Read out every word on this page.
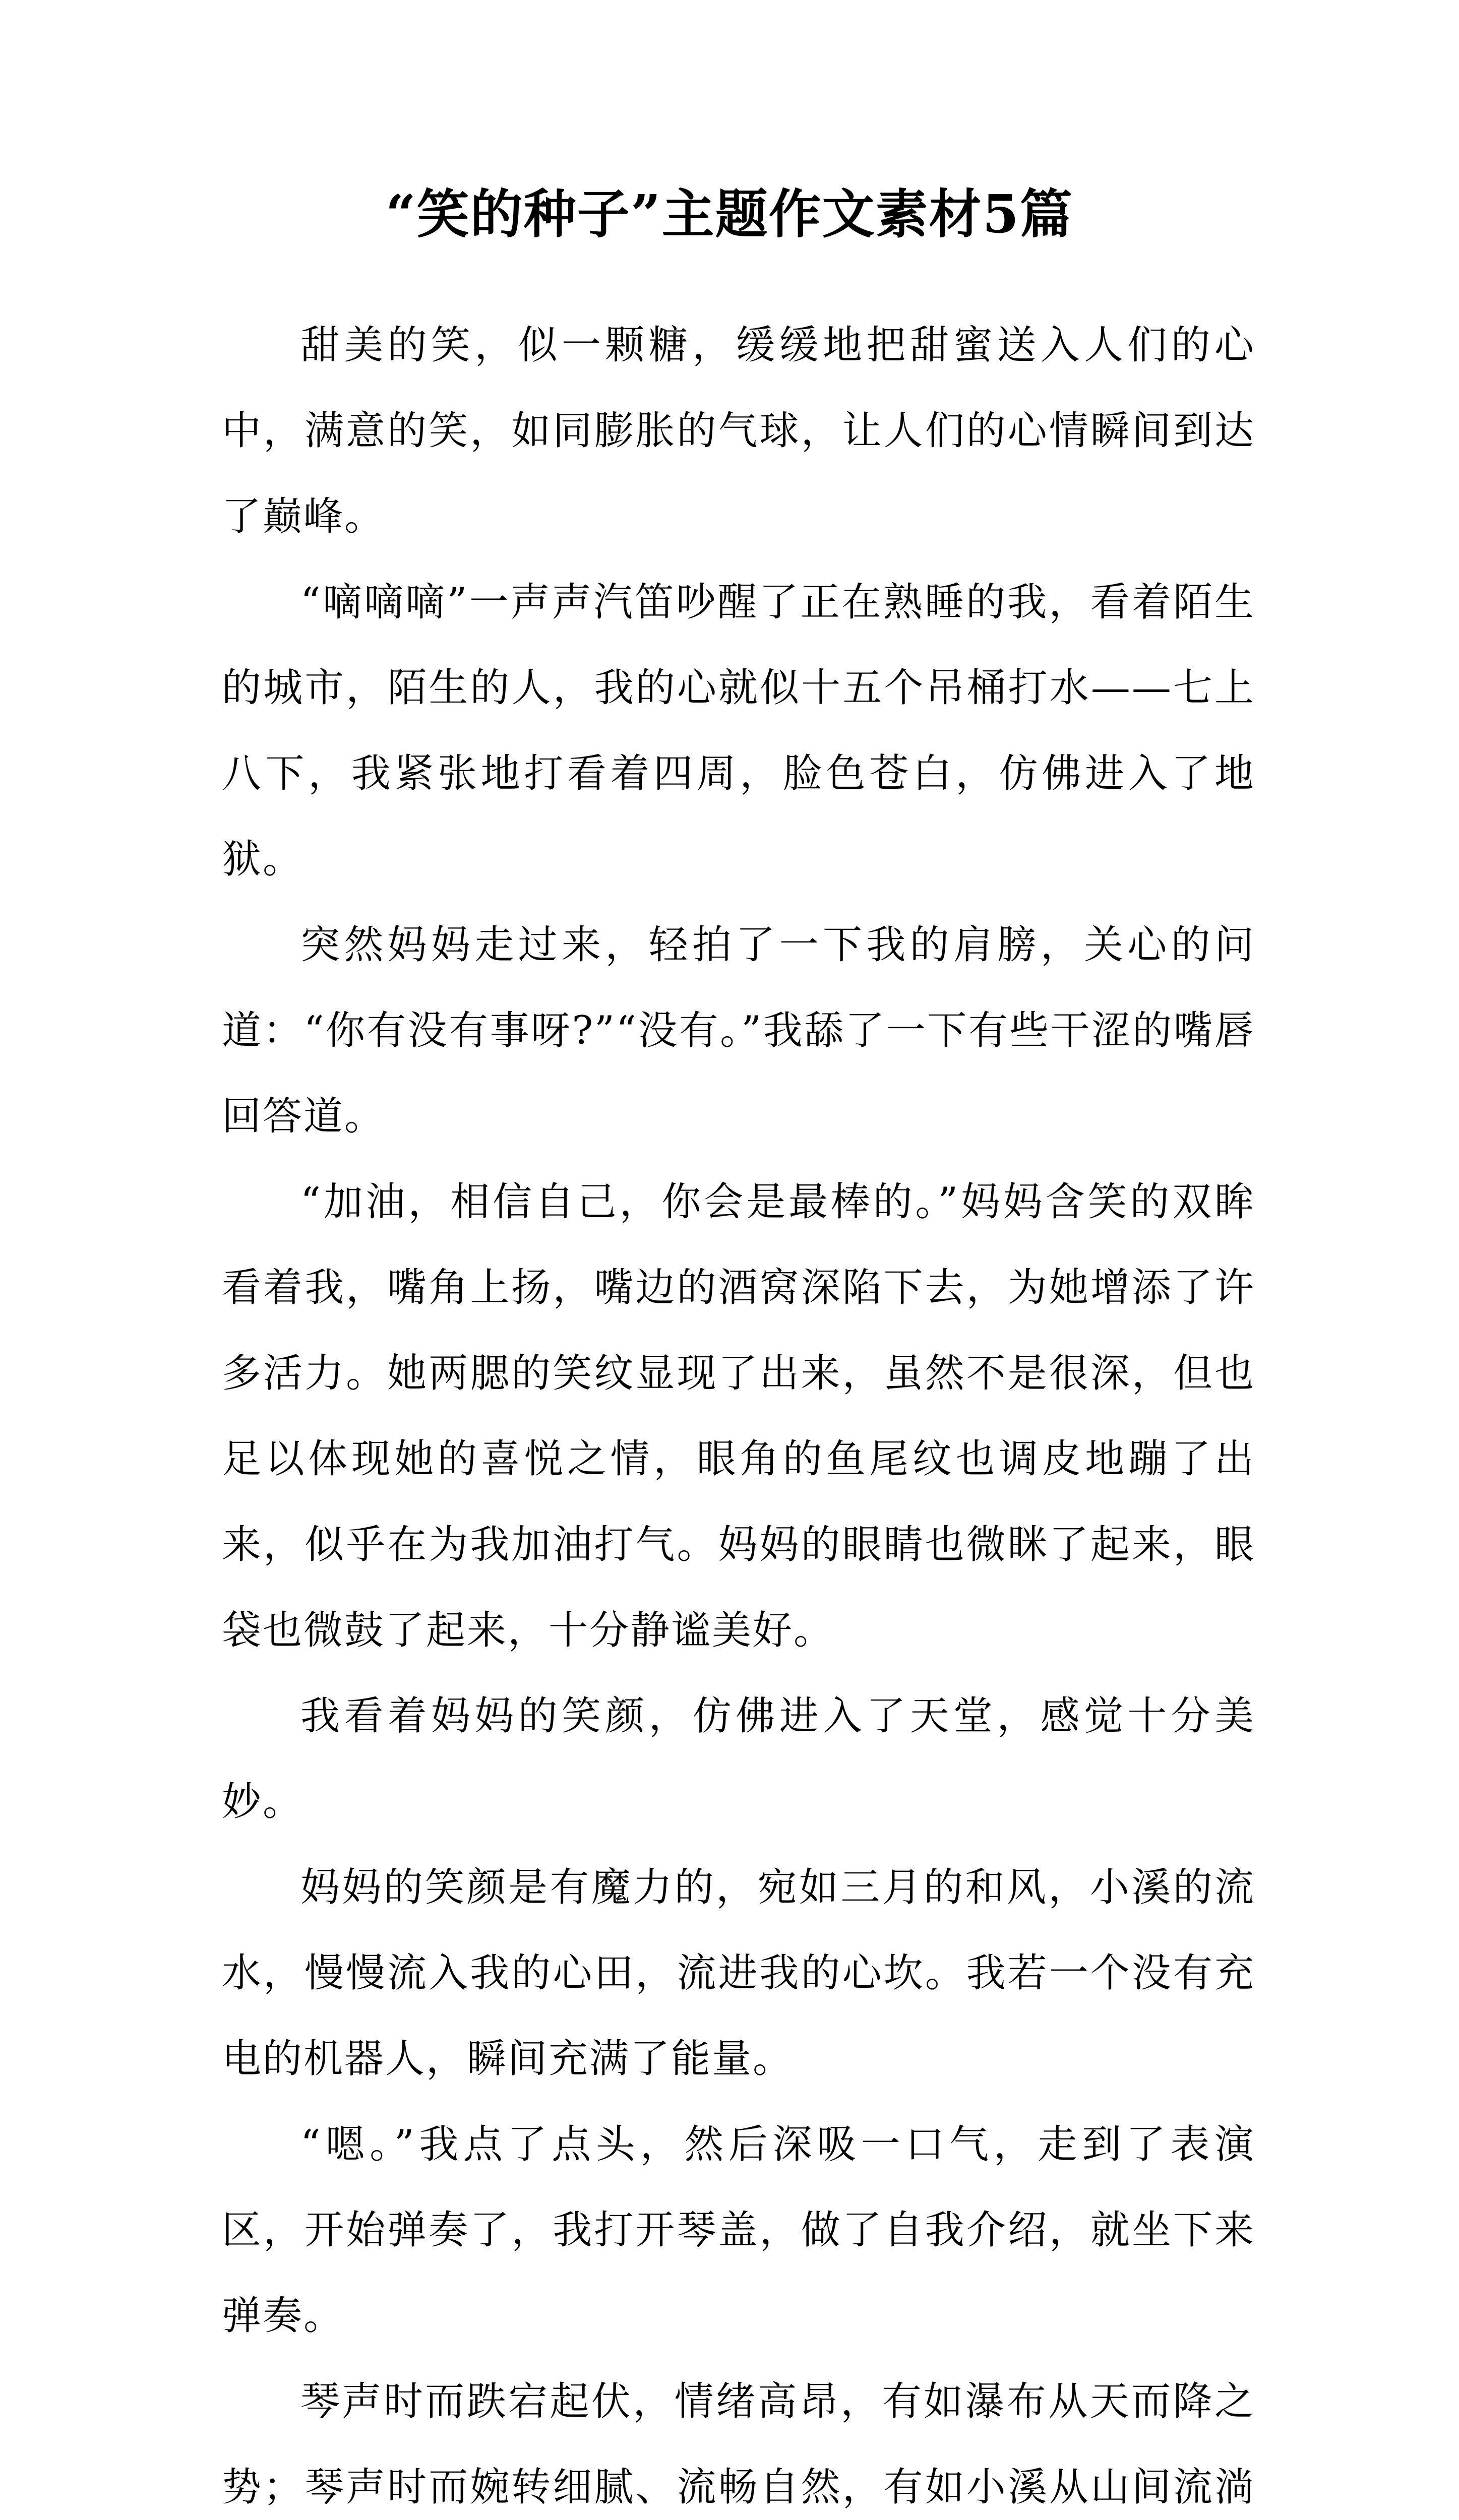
“笑的种子”主题作文素材5篇

甜美的笑，似一颗糖，缓缓地把甜蜜送入人们的心中，满意的笑，如同膨胀的气球，让人们的心情瞬间到达了巅峰。

“嘀嘀嘀”一声声汽笛吵醒了正在熟睡的我，看着陌生的城市，陌生的人，我的心就似十五个吊桶打水——七上八下，我紧张地打看着四周，脸色苍白，仿佛进入了地狱。

突然妈妈走过来，轻拍了一下我的肩膀，关心的问道：“你有没有事呀?”“没有。”我舔了一下有些干涩的嘴唇回答道。

“加油，相信自己，你会是最棒的。”妈妈含笑的双眸看着我，嘴角上扬，嘴边的酒窝深陷下去，为她增添了许多活力。她两腮的笑纹显现了出来，虽然不是很深，但也足以体现她的喜悦之情，眼角的鱼尾纹也调皮地蹦了出来，似乎在为我加油打气。妈妈的眼睛也微眯了起来，眼袋也微鼓了起来，十分静谧美好。

我看着妈妈的笑颜，仿佛进入了天堂，感觉十分美妙。

妈妈的笑颜是有魔力的，宛如三月的和风，小溪的流水，慢慢流入我的心田，流进我的心坎。我若一个没有充电的机器人，瞬间充满了能量。

“嗯。”我点了点头，然后深吸一口气，走到了表演区，开始弹奏了，我打开琴盖，做了自我介绍，就坐下来弹奏。

琴声时而跌宕起伏，情绪高昂，有如瀑布从天而降之势；琴声时而婉转细腻、流畅自然，有如小溪从山间流淌
